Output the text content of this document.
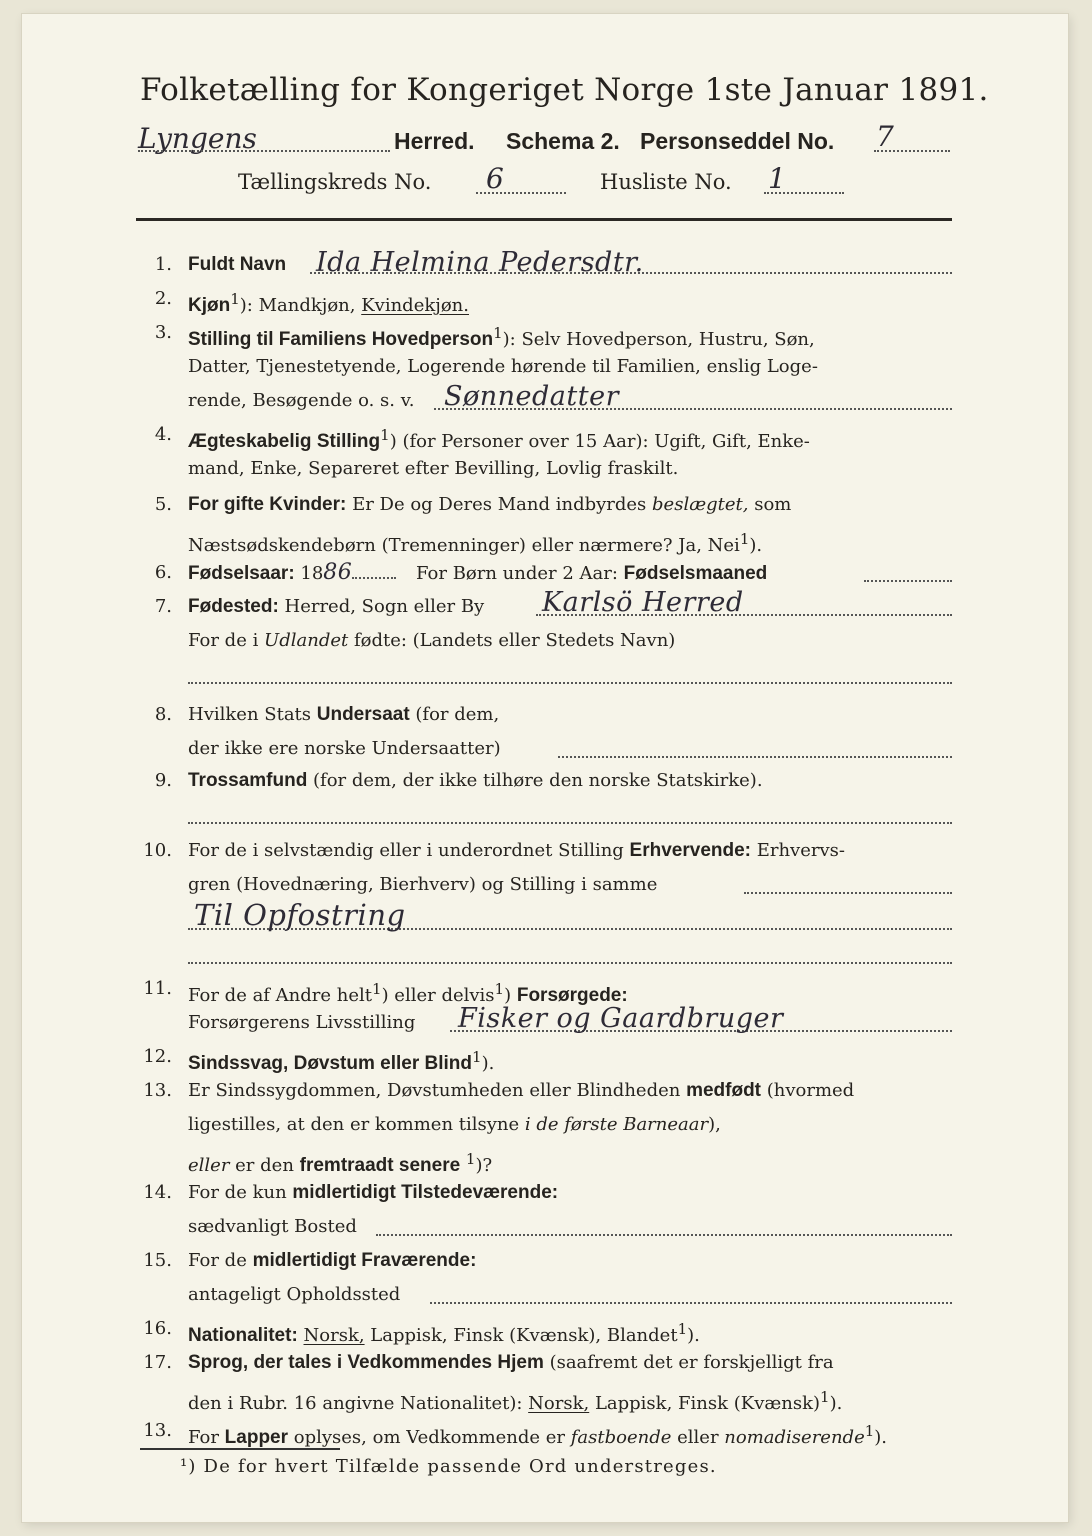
Folketælling for Kongeriget Norge 1ste Januar 1891.
Lyngens	Herred. Schema 2. Personseddel No. 7
Tællingskreds No. 6	Husliste No. 1
1. Fuldt Navn Ida Helmina Pedersdtr.
2. Kjøn$^1$): Mandkjøn, Kvindekjøn.
3. Stilling til Familiens Hovedperson$^1$): Selv Hovedperson, Hustru, Søn,
Datter, Tjenestetyende, Logerende hørende til Familien, enslig Loge-
rende, Besøgende o. s. v. Sønnedatter
4. Ægteskabelig Stilling$^1$) (for Personer over 15 Aar): Ugift, Gift, Enke-
mand, Enke, Separeret efter Bevilling, Lovlig fraskilt.
5. For gifte Kvinder: Er De og Deres Mand indbyrdes beslægtet, som
Næstsødskendebørn (Tremenninger) eller nærmere? Ja, Nei$^1$).
6. Fødselsaar: 1886	For Børn under 2 Aar: Fødselsmaaned
7. Fødested: Herred, Sogn eller By Karlsö Herred
For de i Udlandet fødte: (Landets eller Stedets Navn)
8. Hvilken Stats Undersaat (for dem,
der ikke ere norske Undersaatter)
9. Trossamfund (for dem, der ikke tilhøre den norske Statskirke).
10. For de i selvstændig eller i underordnet Stilling Erhvervende: Erhvervs-
gren (Hovednæring, Bierhverv) og Stilling i samme
Til Opfostring
11. For de af Andre helt$^1$) eller delvis$^1$) Forsørgede:
Forsørgerens Livsstilling Fisker og Gaardbruger
12. Sindssvag, Døvstum eller Blind$^1$).
13. Er Sindssygdommen, Døvstumheden eller Blindheden medfødt (hvormed
ligestilles, at den er kommen tilsyne i de første Barneaar),
eller er den fremtraadt senere $^1$)?
14. For de kun midlertidigt Tilstedeværende:
sædvanligt Bosted
15. For de midlertidigt Fraværende:
antageligt Opholdssted
16. Nationalitet: Norsk, Lappisk, Finsk (Kvænsk), Blandet$^1$).
17. Sprog, der tales i Vedkommendes Hjem (saafremt det er forskjelligt fra
den i Rubr. 16 angivne Nationalitet): Norsk, Lappisk, Finsk (Kvænsk)$^1$).
13. For Lapper oplyses, om Vedkommende er fastboende eller nomadiserende$^1$).
¹) De for hvert Tilfælde passende Ord understreges.
